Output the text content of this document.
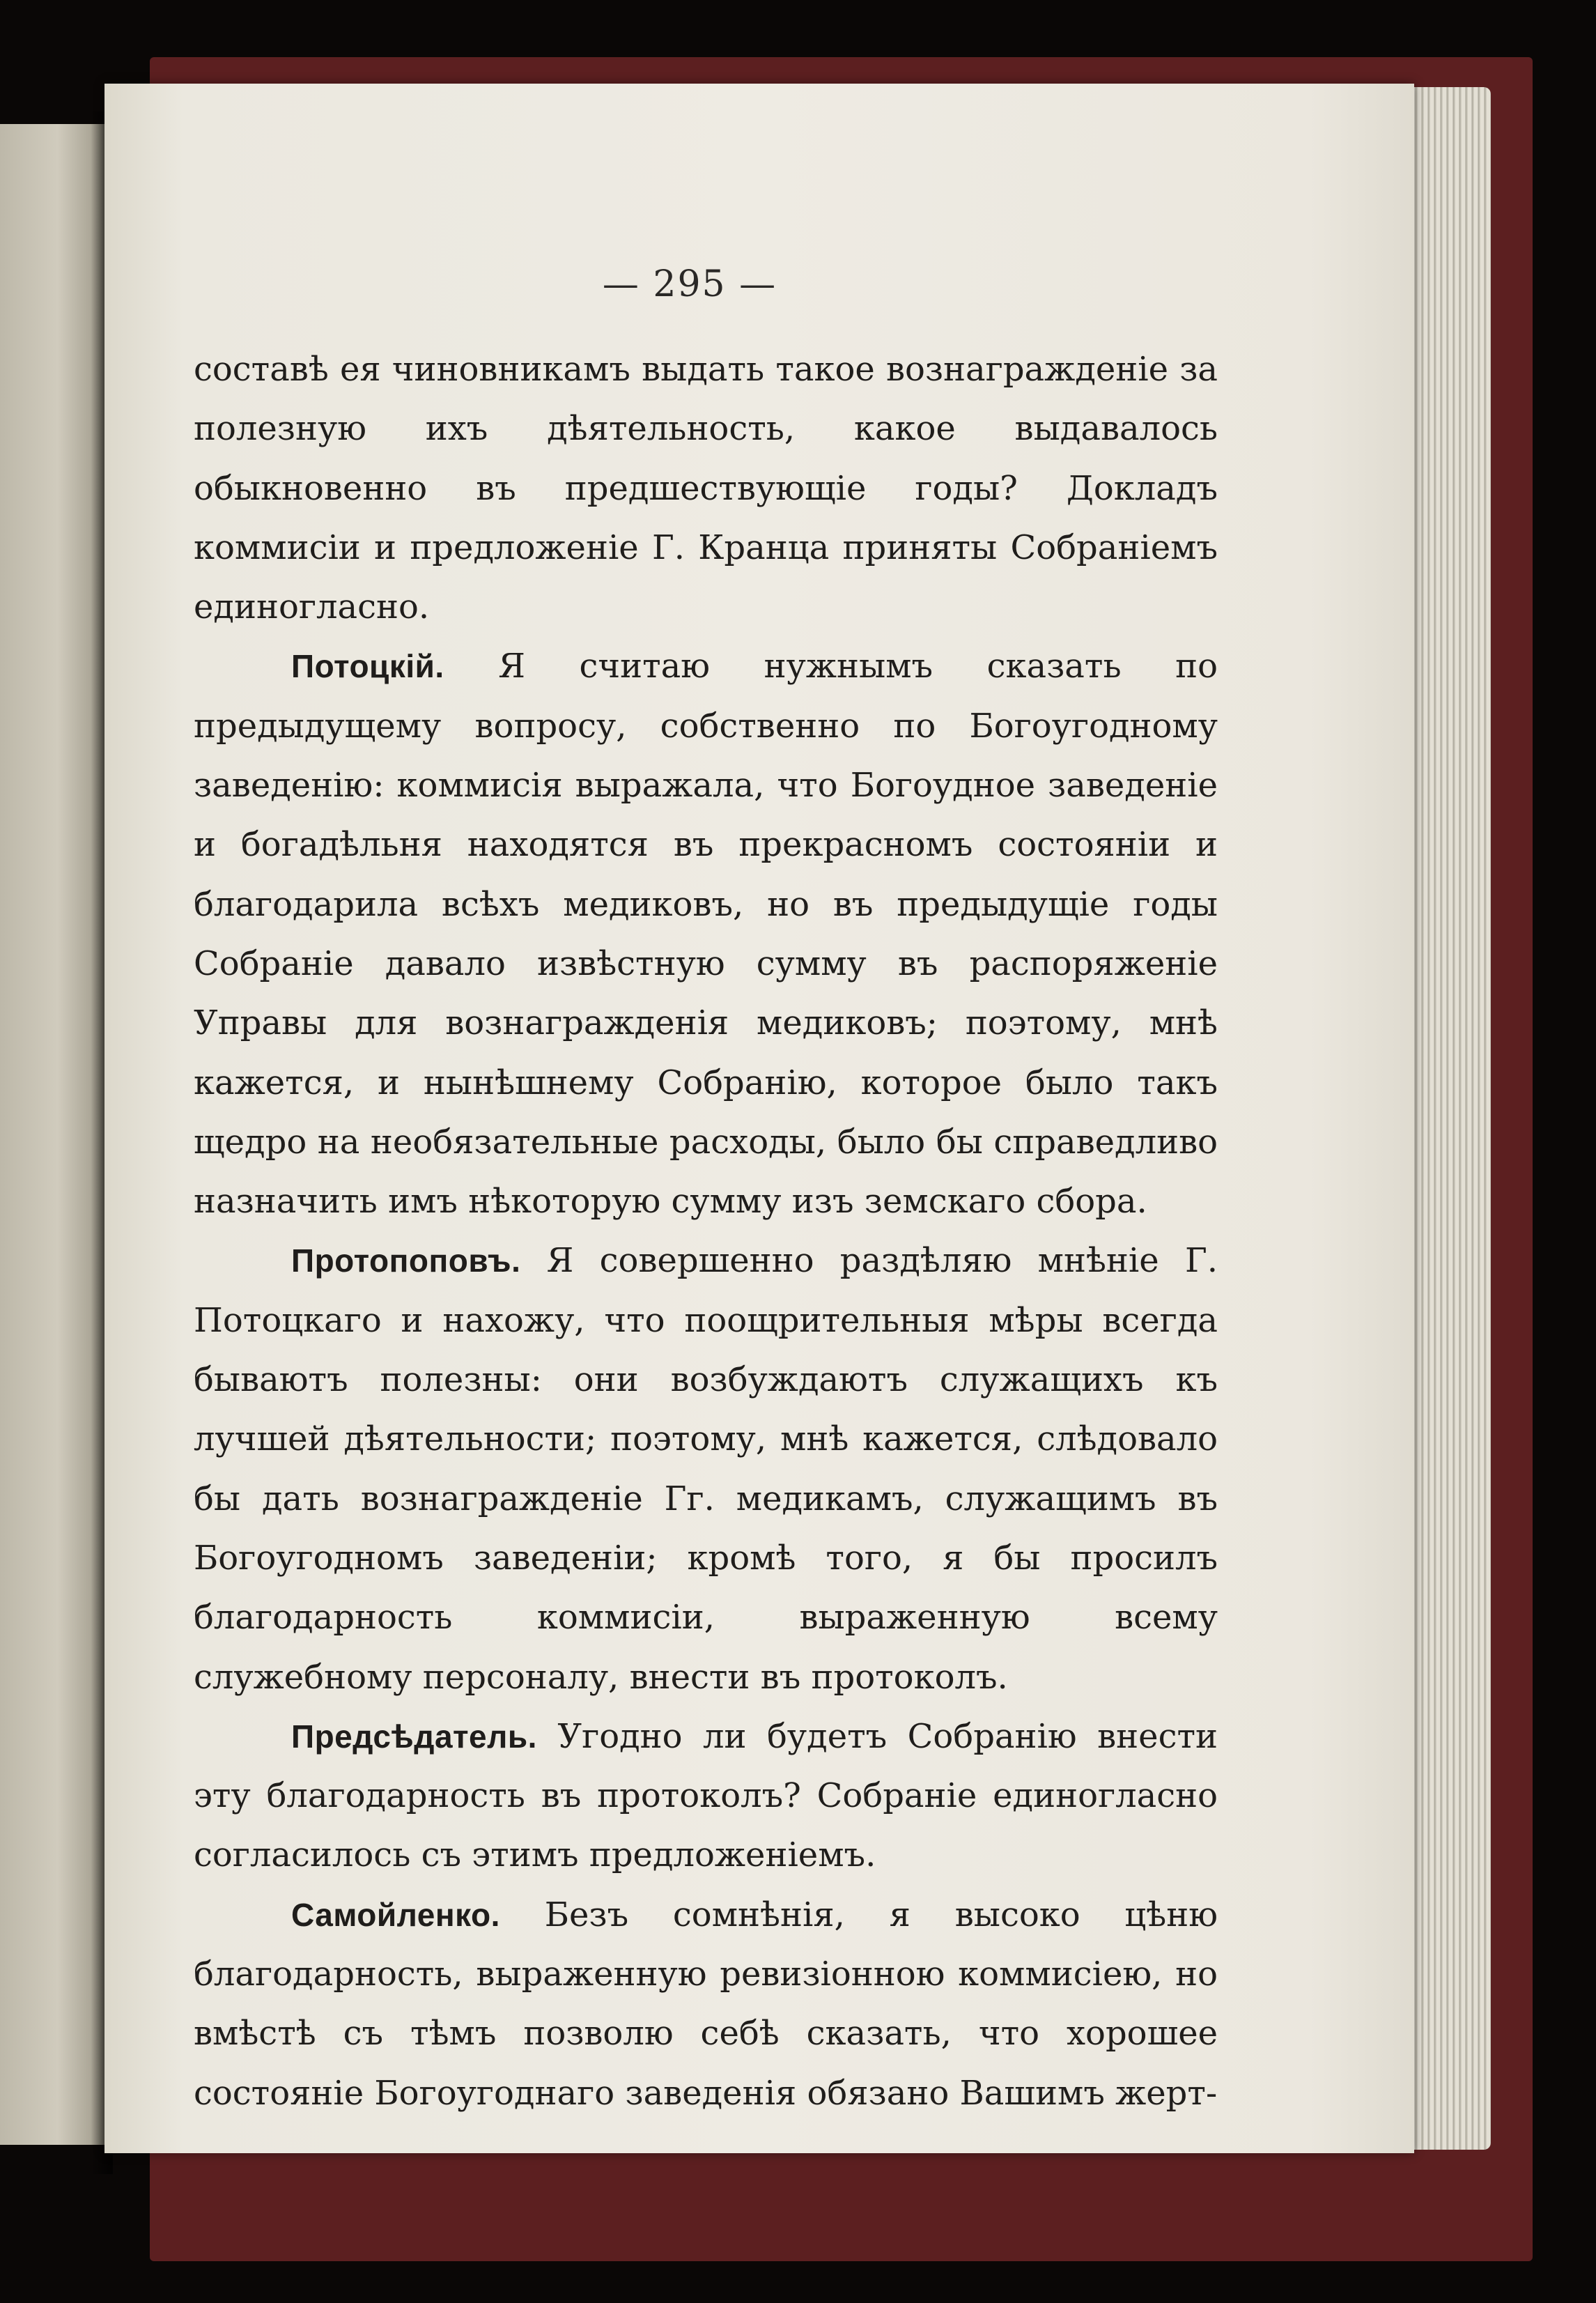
— 295 —

составѣ ея чиновникамъ выдать такое вознагражденіе за полезную ихъ дѣятельность, какое выдавалось обыкновенно въ предшествующіе годы? Докладъ коммисіи и предложеніе Г. Кранца приняты Собраніемъ единогласно.

Потоцкій. Я считаю нужнымъ сказать по предыдущему вопросу, собственно по Богоугодному заведенію: коммисія выражала, что Богоудное заведеніе и богадѣльня находятся въ прекрасномъ состояніи и благодарила всѣхъ медиковъ, но въ предыдущіе годы Собраніе давало извѣстную сумму въ распоряженіе Управы для вознагражденія медиковъ; поэтому, мнѣ кажется, и нынѣшнему Собранію, которое было такъ щедро на необязательные расходы, было бы справедливо назначить имъ нѣкоторую сумму изъ земскаго сбора.

Протопоповъ. Я совершенно раздѣляю мнѣніе Г. Потоцкаго и нахожу, что поощрительныя мѣры всегда бываютъ полезны: они возбуждаютъ служащихъ къ лучшей дѣятельности; поэтому, мнѣ кажется, слѣдовало бы дать вознагражденіе Гг. медикамъ, служащимъ въ Богоугодномъ заведеніи; кромѣ того, я бы просилъ благодарность коммисіи, выраженную всему служебному персоналу, внести въ протоколъ.

Предсѣдатель. Угодно ли будетъ Собранію внести эту благодарность въ протоколъ? Собраніе единогласно согласилось съ этимъ предложеніемъ.

Самойленко. Безъ сомнѣнія, я высоко цѣню благодарность, выраженную ревизіонною коммисіею, но вмѣстѣ съ тѣмъ позволю себѣ сказать, что хорошее состояніе Богоугоднаго заведенія обязано Вашимъ жерт-
